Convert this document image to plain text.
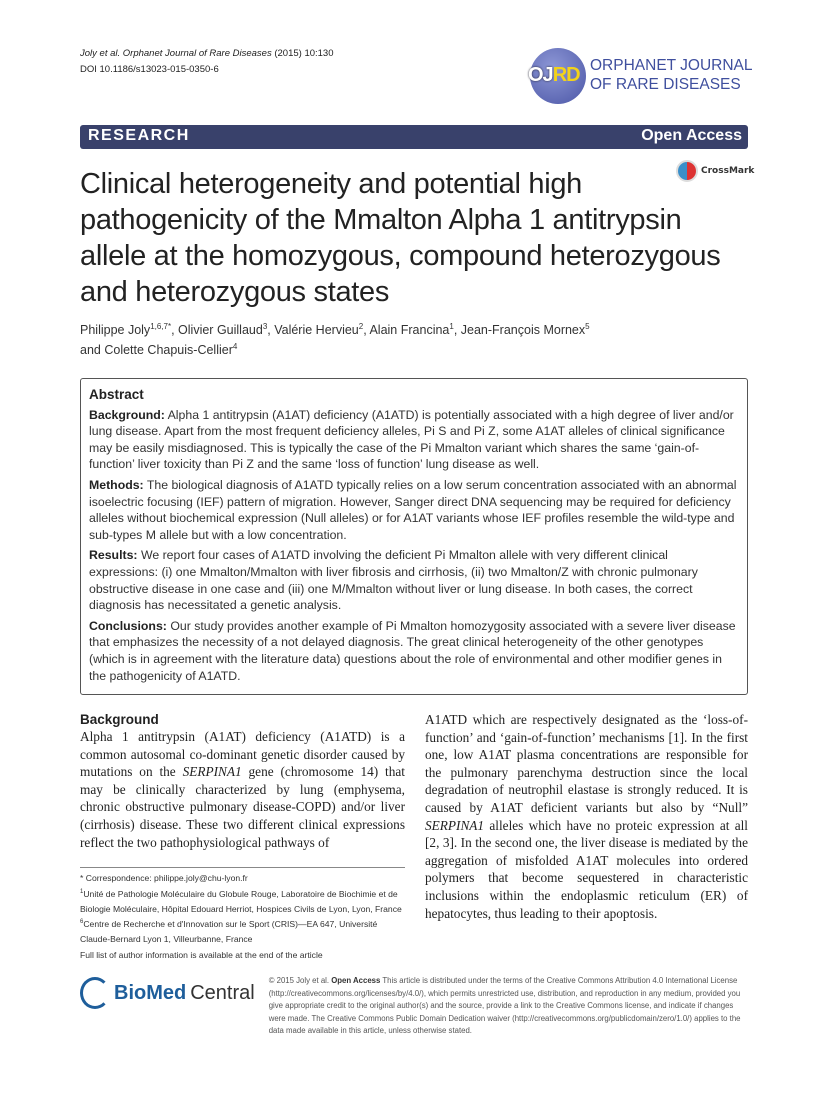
Joly et al. Orphanet Journal of Rare Diseases (2015) 10:130
DOI 10.1186/s13023-015-0350-6	OJRD ORPHANET JOURNAL
OF RARE DISEASES
RESEARCH	Open Access
CrossMark
Clinical heterogeneity and potential high pathogenicity of the Mmalton Alpha 1 antitrypsin allele at the homozygous, compound heterozygous and heterozygous states
Philippe Joly$^{1,6,7*}$, Olivier Guillaud$^3$, Valérie Hervieu$^2$, Alain Francina$^1$, Jean-François Mornex$^5$
and Colette Chapuis-Cellier$^4$
Abstract

Background: Alpha 1 antitrypsin (A1AT) deficiency (A1ATD) is potentially associated with a high degree of liver and/or lung disease. Apart from the most frequent deficiency alleles, Pi S and Pi Z, some A1AT alleles of clinical significance may be easily misdiagnosed. This is typically the case of the Pi Mmalton variant which shares the same ‘gain-of-function’ liver toxicity than Pi Z and the same ‘loss of function’ lung disease as well.

Methods: The biological diagnosis of A1ATD typically relies on a low serum concentration associated with an abnormal isoelectric focusing (IEF) pattern of migration. However, Sanger direct DNA sequencing may be required for deficiency alleles without biochemical expression (Null alleles) or for A1AT variants whose IEF profiles resemble the wild-type and sub-types M allele but with a low concentration.

Results: We report four cases of A1ATD involving the deficient Pi Mmalton allele with very different clinical expressions: (i) one Mmalton/Mmalton with liver fibrosis and cirrhosis, (ii) two Mmalton/Z with chronic pulmonary obstructive disease in one case and (iii) one M/Mmalton without liver or lung disease. In both cases, the correct diagnosis has necessitated a genetic analysis.

Conclusions: Our study provides another example of Pi Mmalton homozygosity associated with a severe liver disease that emphasizes the necessity of a not delayed diagnosis. The great clinical heterogeneity of the other genotypes (which is in agreement with the literature data) questions about the role of environmental and other modifier genes in the pathogenicity of A1ATD.

Background

Alpha 1 antitrypsin (A1AT) deficiency (A1ATD) is a common autosomal co-dominant genetic disorder caused by mutations on the SERPINA1 gene (chromosome 14) that may be clinically characterized by lung (emphysema, chronic obstructive pulmonary disease-COPD) and/or liver (cirrhosis) disease. These two different clinical expressions reflect the two pathophysiological pathways of

* Correspondence: philippe.joly@chu-lyon.fr
$^1$Unité de Pathologie Moléculaire du Globule Rouge, Laboratoire de Biochimie et de Biologie Moléculaire, Hôpital Edouard Herriot, Hospices Civils de Lyon, Lyon, France
$^6$Centre de Recherche et d'Innovation sur le Sport (CRIS)—EA 647, Université Claude-Bernard Lyon 1, Villeurbanne, France
Full list of author information is available at the end of the article

A1ATD which are respectively designated as the ‘loss-of-function’ and ‘gain-of-function’ mechanisms [1]. In the first one, low A1AT plasma concentrations are responsible for the pulmonary parenchyma destruction since the local degradation of neutrophil elastase is strongly reduced. It is caused by A1AT deficient variants but also by “Null” SERPINA1 alleles which have no proteic expression at all [2, 3]. In the second one, the liver disease is mediated by the aggregation of misfolded A1AT molecules into ordered polymers that become sequestered in characteristic inclusions within the endoplasmic reticulum (ER) of hepatocytes, thus leading to their apoptosis.

BioMed Central
© 2015 Joly et al. Open Access This article is distributed under the terms of the Creative Commons Attribution 4.0 International License (http://creativecommons.org/licenses/by/4.0/), which permits unrestricted use, distribution, and reproduction in any medium, provided you give appropriate credit to the original author(s) and the source, provide a link to the Creative Commons license, and indicate if changes were made. The Creative Commons Public Domain Dedication waiver (http://creativecommons.org/publicdomain/zero/1.0/) applies to the data made available in this article, unless otherwise stated.
